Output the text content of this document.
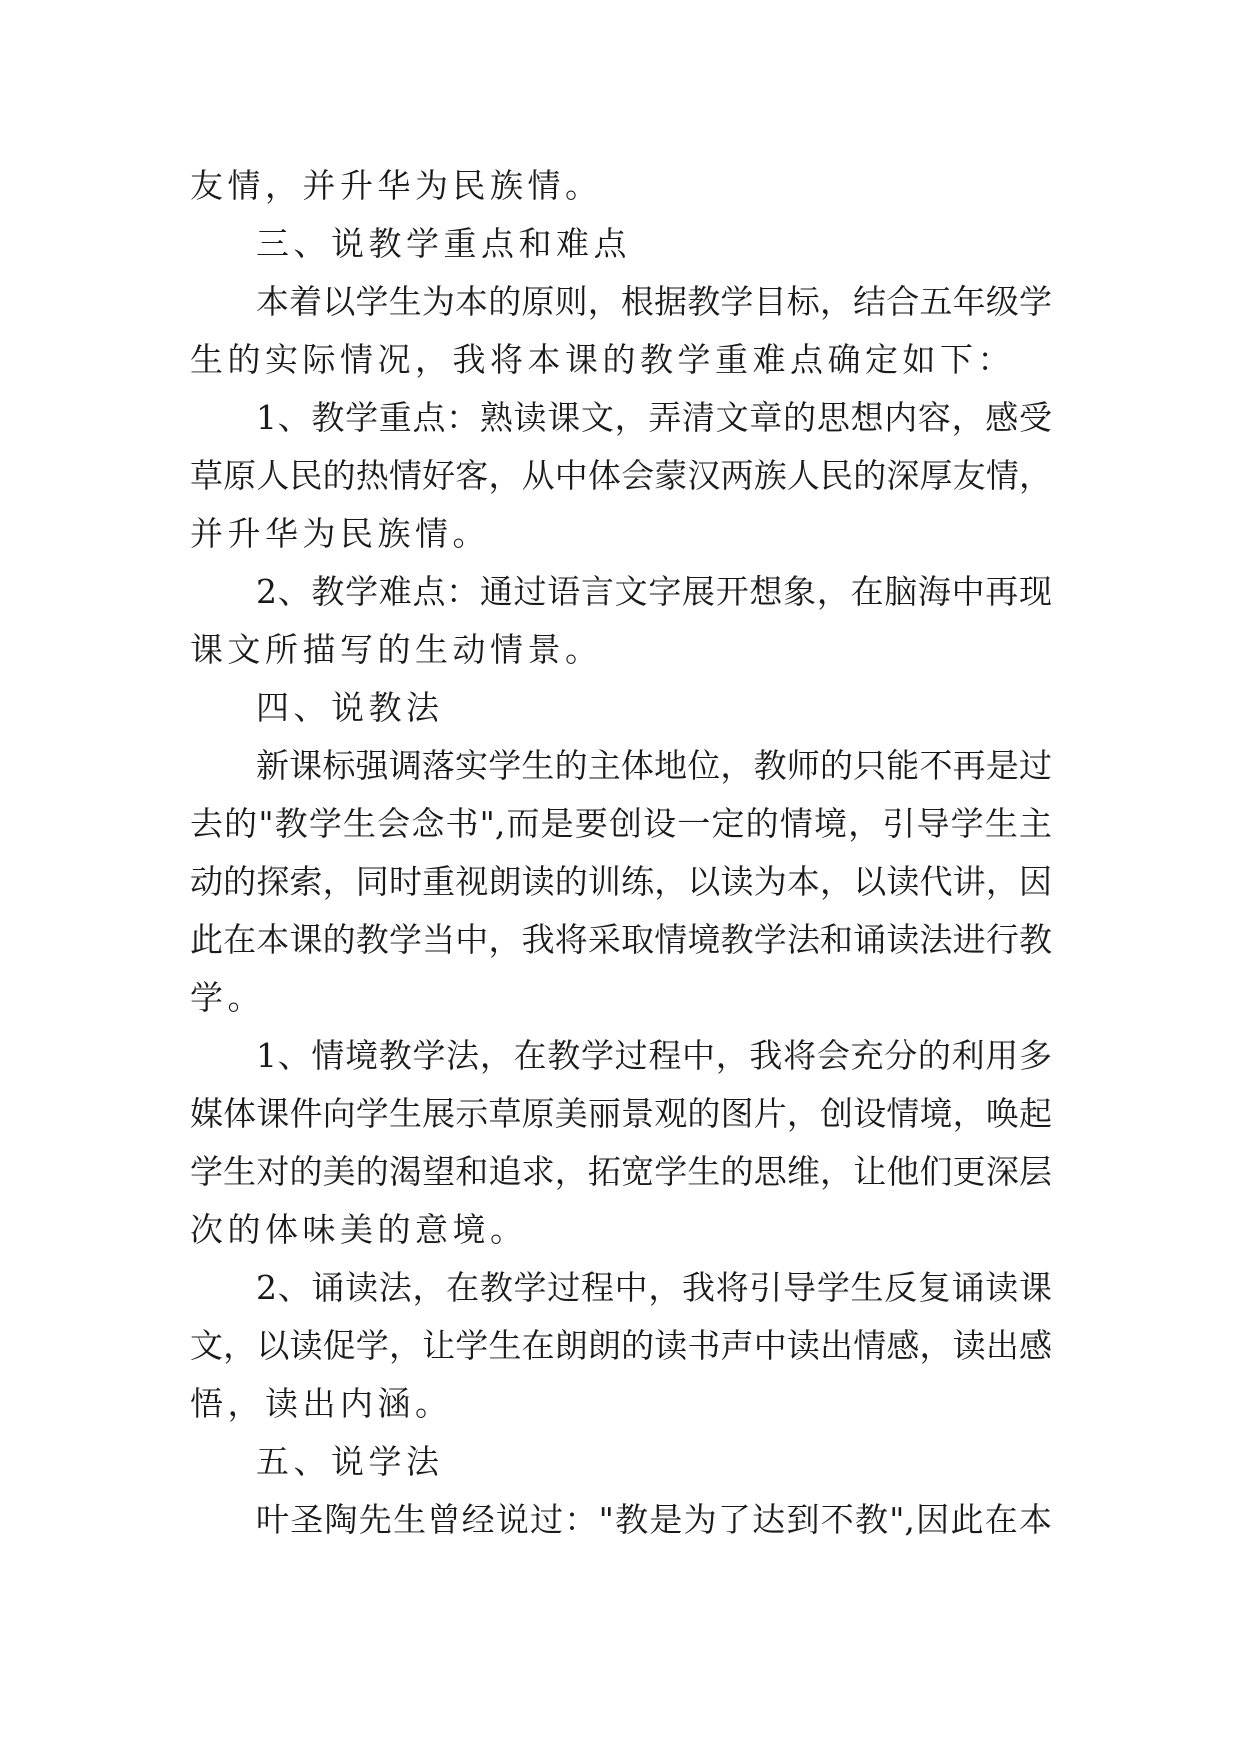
友情，并升华为民族情。
三、说教学重点和难点
本着以学生为本的原则，根据教学目标，结合五年级学
生的实际情况，我将本课的教学重难点确定如下：
1、教学重点：熟读课文，弄清文章的思想内容，感受
草原人民的热情好客，从中体会蒙汉两族人民的深厚友情，
并升华为民族情。
2、教学难点：通过语言文字展开想象，在脑海中再现
课文所描写的生动情景。
四、说教法
新课标强调落实学生的主体地位，教师的只能不再是过
去的"教学生会念书",而是要创设一定的情境，引导学生主
动的探索，同时重视朗读的训练，以读为本，以读代讲，因
此在本课的教学当中，我将采取情境教学法和诵读法进行教
学。
1、情境教学法，在教学过程中，我将会充分的利用多
媒体课件向学生展示草原美丽景观的图片，创设情境，唤起
学生对的美的渴望和追求，拓宽学生的思维，让他们更深层
次的体味美的意境。
2、诵读法，在教学过程中，我将引导学生反复诵读课
文，以读促学，让学生在朗朗的读书声中读出情感，读出感
悟，读出内涵。
五、说学法
叶圣陶先生曾经说过："教是为了达到不教",因此在本
